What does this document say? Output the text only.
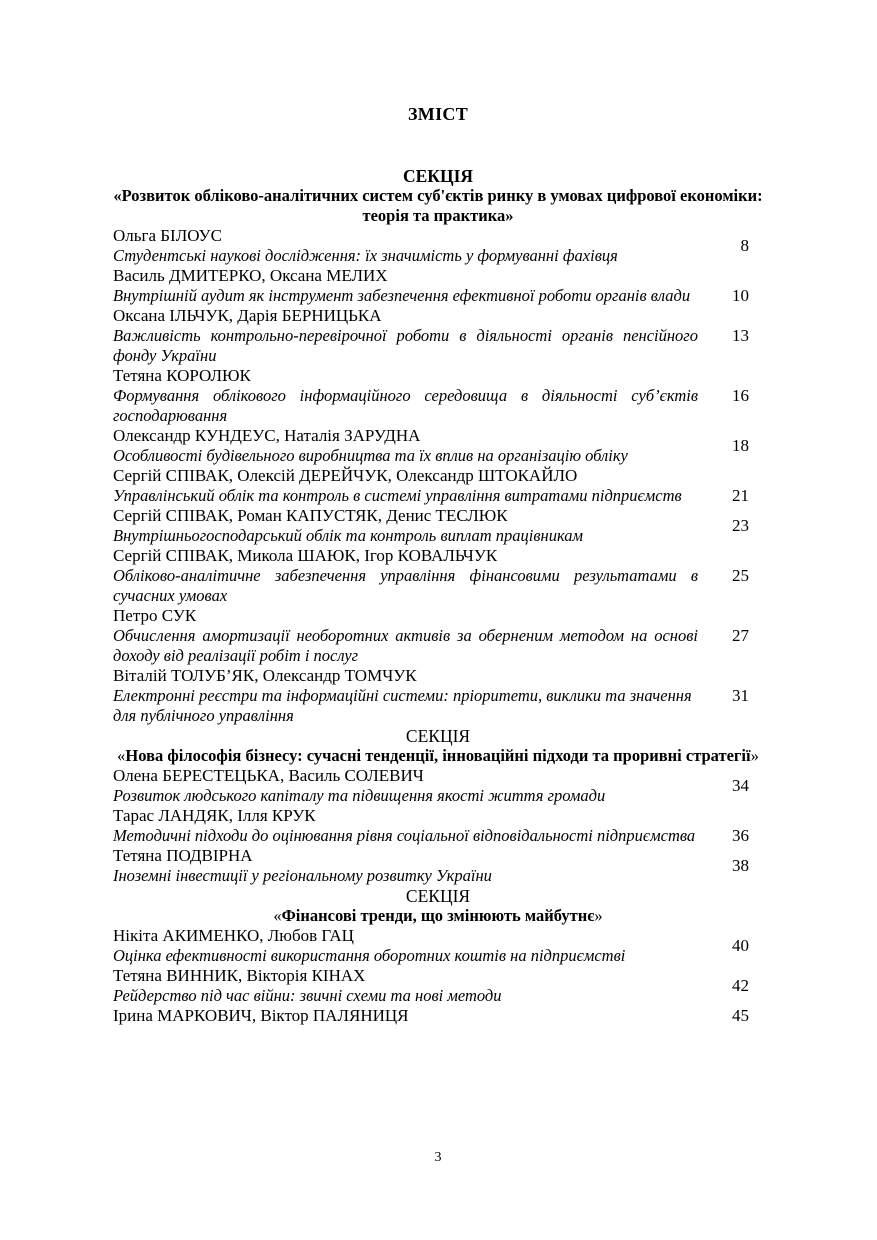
ЗМІСТ
СЕКЦІЯ
«Розвиток обліково-аналітичних систем суб'єктів ринку в умовах цифрової економіки: теорія та практика»
Ольга БІЛОУС
Студентські наукові дослідження: їх значимість у формуванні фахівця
8
Василь ДМИТЕРКО, Оксана МЕЛИХ
Внутрішній аудит як інструмент забезпечення ефективної роботи органів влади	10
Оксана ІЛЬЧУК, Дарія БЕРНИЦЬКА
Важливість контрольно-перевірочної роботи в діяльності органів пенсійного фонду України
13
Тетяна КОРОЛЮК
Формування облікового інформаційного середовища в діяльності суб’єктів господарювання
16
Олександр КУНДЕУС, Наталія ЗАРУДНА
Особливості будівельного виробництва та їх вплив на організацію обліку
18
Сергій СПІВАК, Олексій ДЕРЕЙЧУК, Олександр ШТОКАЙЛО
Управлінський облік та контроль в системі управління витратами підприємств	21
Сергій СПІВАК, Роман КАПУСТЯК, Денис ТЕСЛЮК
Внутрішньогосподарський облік та контроль виплат працівникам
23
Сергій СПІВАК, Микола ШАЮК, Ігор КОВАЛЬЧУК
Обліково-аналітичне забезпечення управління фінансовими результатами в сучасних умовах
25
Петро СУК
Обчислення амортизації необоротних активів за оберненим методом на основі доходу від реалізації робіт і послуг
27
Віталій ТОЛУБ’ЯК, Олександр ТОМЧУК
Електронні реєстри та інформаційні системи: пріоритети, виклики та значення для публічного управління
31
СЕКЦІЯ
«Нова філософія бізнесу: сучасні тенденції, інноваційні підходи та проривні стратегії»
Олена БЕРЕСТЕЦЬКА, Василь СОЛЕВИЧ
Розвиток людського капіталу та підвищення якості життя громади
34
Тарас ЛАНДЯК, Ілля КРУК
Методичні підходи до оцінювання рівня соціальної відповідальності підприємства 36
Тетяна ПОДВІРНА
Іноземні інвестиції у регіональному розвитку України
38
СЕКЦІЯ
«Фінансові тренди, що змінюють майбутнє»
Нікіта АКИМЕНКО, Любов ГАЦ
Оцінка ефективності використання оборотних коштів на підприємстві
40
Тетяна ВИННИК, Вікторія КІНАХ
Рейдерство під час війни: звичні схеми та нові методи
42
Ірина МАРКОВИЧ, Віктор ПАЛЯНИЦЯ	45
3
